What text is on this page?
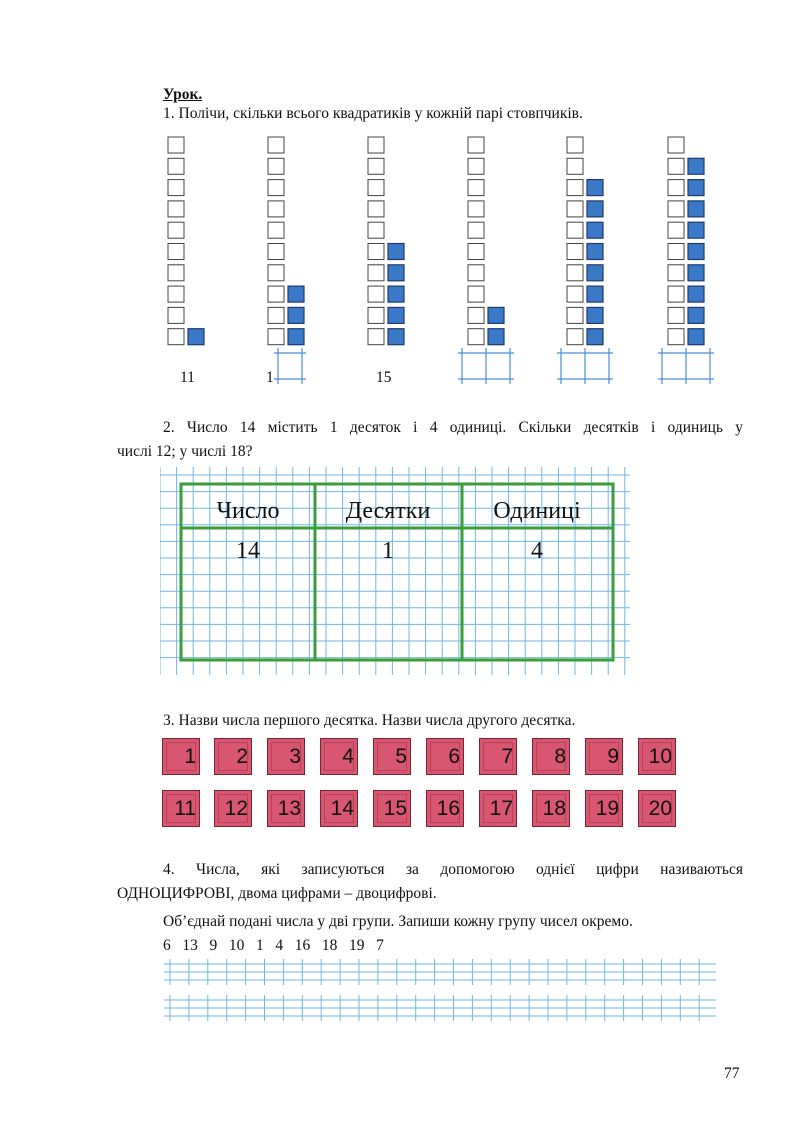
Урок.
1. Полічи, скільки всього квадратиків у кожній парі стовпчиків.
11	1	15
2. Число 14 містить 1 десяток і 4 одиниці. Скільки десятків і одиниць у
числі 12; у числі 18?
Число	Десятки	Одиниці
14	1	4
3. Назви числа першого десятка. Назви числа другого десятка.
1	2	3	4	5	6	7	8	9	10
11	12	13	14	15	16	17	18	19	20
4. Числа, які записуються за допомогою однієї цифри називаються
ОДНОЦИФРОВІ, двома цифрами – двоцифрові.
Об’єднай подані числа у дві групи. Запиши кожну групу чисел окремо.
6   13   9   10   1   4   16   18   19   7
77
